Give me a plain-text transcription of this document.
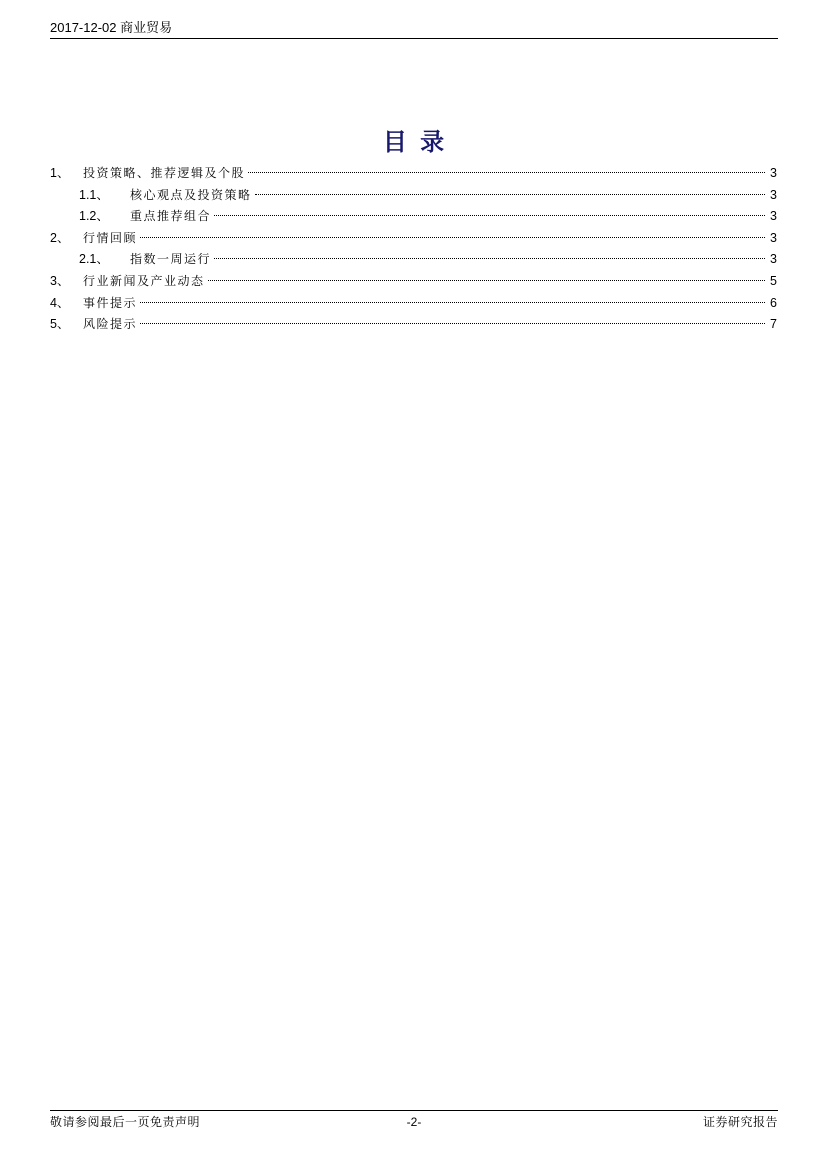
2017-12-02 商业贸易
目录
1、	投资策略、推荐逻辑及个股	3
1.1、	核心观点及投资策略	3
1.2、	重点推荐组合	3
2、	行情回顾	3
2.1、	指数一周运行	3
3、	行业新闻及产业动态	5
4、	事件提示	6
5、	风险提示	7
敬请参阅最后一页免责声明	-2-	证券研究报告
